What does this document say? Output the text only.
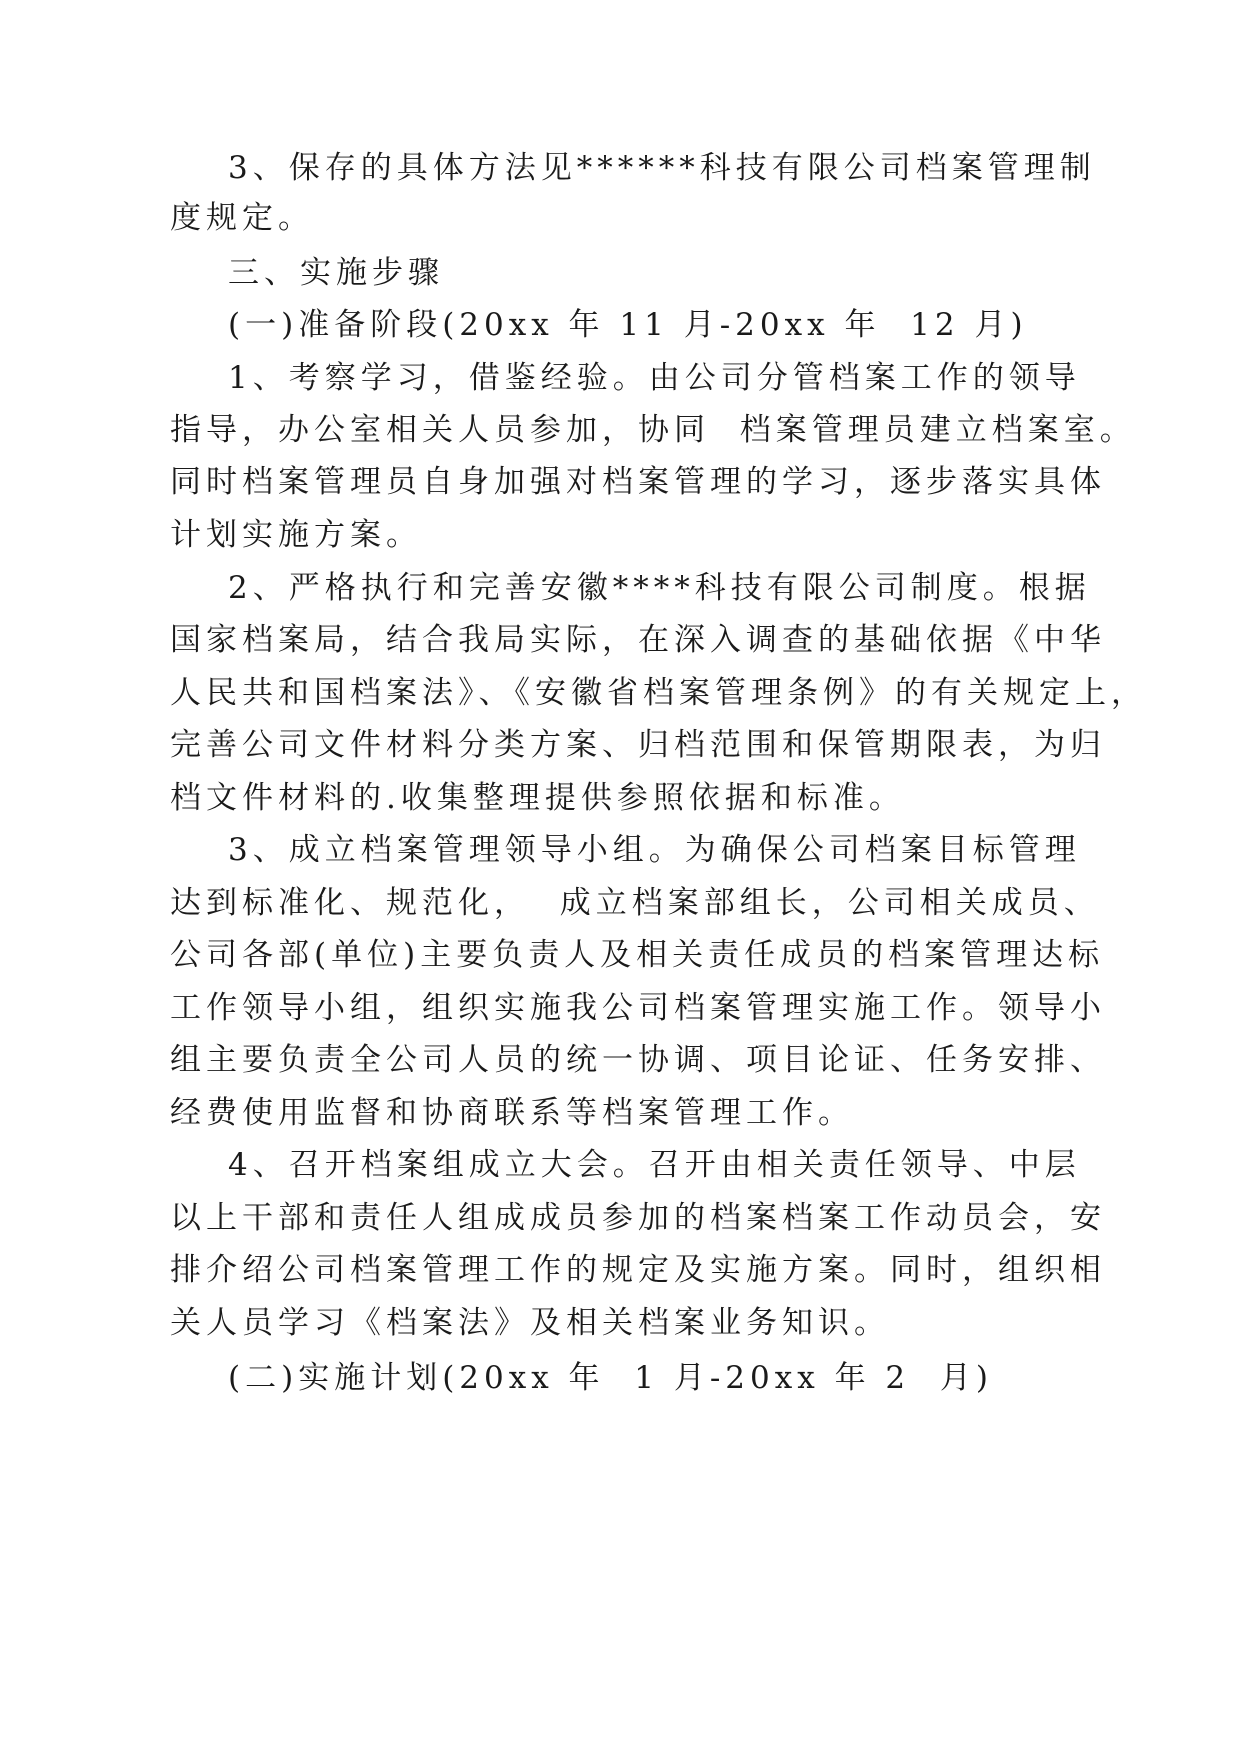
3、保存的具体方法见******科技有限公司档案管理制
度规定。
三、实施步骤
(一)准备阶段(20xx 年 11 月-20xx 年  12 月)
1、考察学习，借鉴经验。由公司分管档案工作的领导
指导，办公室相关人员参加，协同  档案管理员建立档案室。
同时档案管理员自身加强对档案管理的学习，逐步落实具体
计划实施方案。
2、严格执行和完善安徽****科技有限公司制度。根据
国家档案局，结合我局实际，在深入调查的基础依据《中华
人民共和国档案法》、《安徽省档案管理条例》的有关规定上，
完善公司文件材料分类方案、归档范围和保管期限表，为归
档文件材料的.收集整理提供参照依据和标准。
3、成立档案管理领导小组。为确保公司档案目标管理
达到标准化、规范化，  成立档案部组长，公司相关成员、
公司各部(单位)主要负责人及相关责任成员的档案管理达标
工作领导小组，组织实施我公司档案管理实施工作。领导小
组主要负责全公司人员的统一协调、项目论证、任务安排、
经费使用监督和协商联系等档案管理工作。
4、召开档案组成立大会。召开由相关责任领导、中层
以上干部和责任人组成成员参加的档案档案工作动员会，安
排介绍公司档案管理工作的规定及实施方案。同时，组织相
关人员学习《档案法》及相关档案业务知识。
(二)实施计划(20xx 年  1 月-20xx 年 2  月)
